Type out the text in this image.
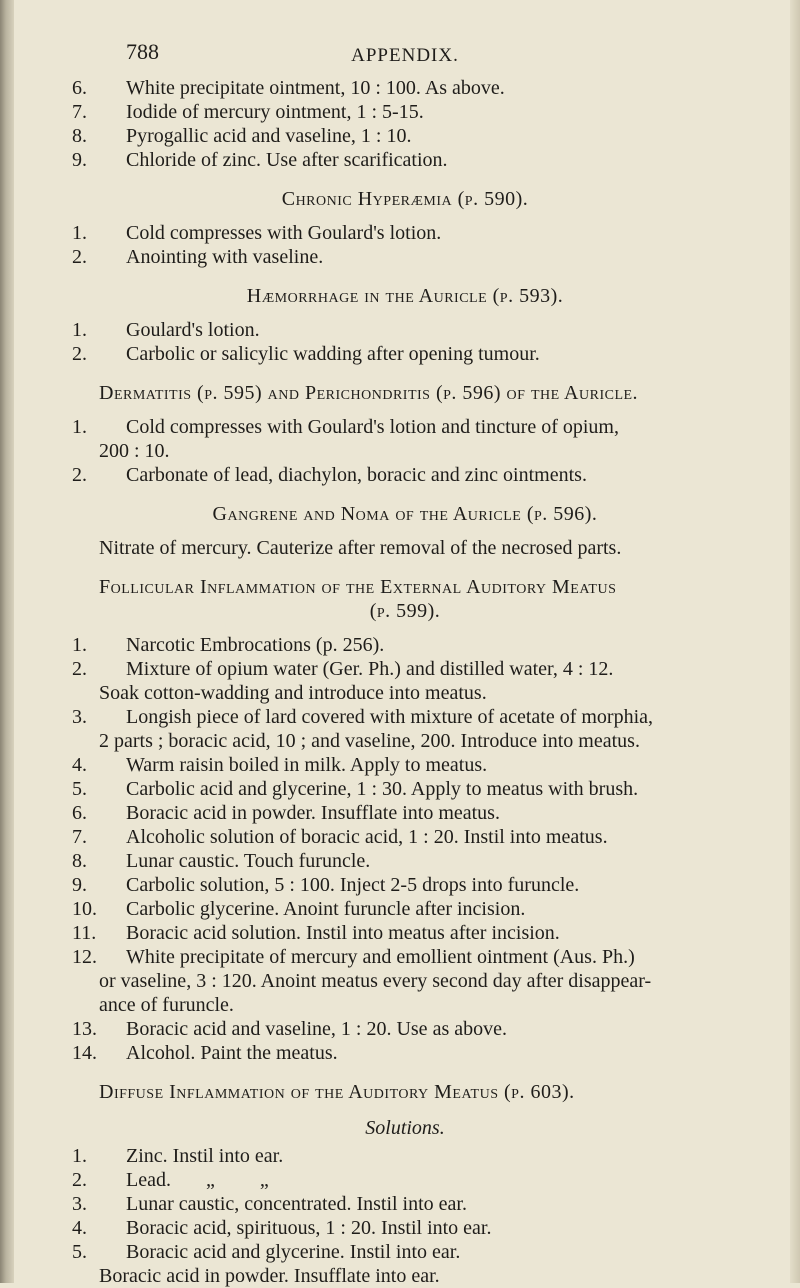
788	APPENDIX.

6. White precipitate ointment, 10 : 100. As above.

7. Iodide of mercury ointment, 1 : 5-15.

8. Pyrogallic acid and vaseline, 1 : 10.

9. Chloride of zinc. Use after scarification.

Chronic Hyperæmia (p. 590).

1. Cold compresses with Goulard's lotion.

2. Anointing with vaseline.

Hæmorrhage in the Auricle (p. 593).

1. Goulard's lotion.

2. Carbolic or salicylic wadding after opening tumour.

Dermatitis (p. 595) and Perichondritis (p. 596) of the Auricle.

1. Cold compresses with Goulard's lotion and tincture of opium,

200 : 10.

2. Carbonate of lead, diachylon, boracic and zinc ointments.

Gangrene and Noma of the Auricle (p. 596).

Nitrate of mercury. Cauterize after removal of the necrosed parts.

Follicular Inflammation of the External Auditory Meatus
(p. 599).

1. Narcotic Embrocations (p. 256).

2. Mixture of opium water (Ger. Ph.) and distilled water, 4 : 12.

Soak cotton-wadding and introduce into meatus.

3. Longish piece of lard covered with mixture of acetate of morphia,

2 parts ; boracic acid, 10 ; and vaseline, 200. Introduce into meatus.

4. Warm raisin boiled in milk. Apply to meatus.

5. Carbolic acid and glycerine, 1 : 30. Apply to meatus with brush.

6. Boracic acid in powder. Insufflate into meatus.

7. Alcoholic solution of boracic acid, 1 : 20. Instil into meatus.

8. Lunar caustic. Touch furuncle.

9. Carbolic solution, 5 : 100. Inject 2-5 drops into furuncle.

10. Carbolic glycerine. Anoint furuncle after incision.

11. Boracic acid solution. Instil into meatus after incision.

12. White precipitate of mercury and emollient ointment (Aus. Ph.)

or vaseline, 3 : 120. Anoint meatus every second day after disappear-

ance of furuncle.

13. Boracic acid and vaseline, 1 : 20. Use as above.

14. Alcohol. Paint the meatus.

Diffuse Inflammation of the Auditory Meatus (p. 603).
Solutions.

1. Zinc. Instil into ear.

2. Lead.       „         „

3. Lunar caustic, concentrated. Instil into ear.

4. Boracic acid, spirituous, 1 : 20. Instil into ear.

5. Boracic acid and glycerine. Instil into ear.

Boracic acid in powder. Insufflate into ear.
